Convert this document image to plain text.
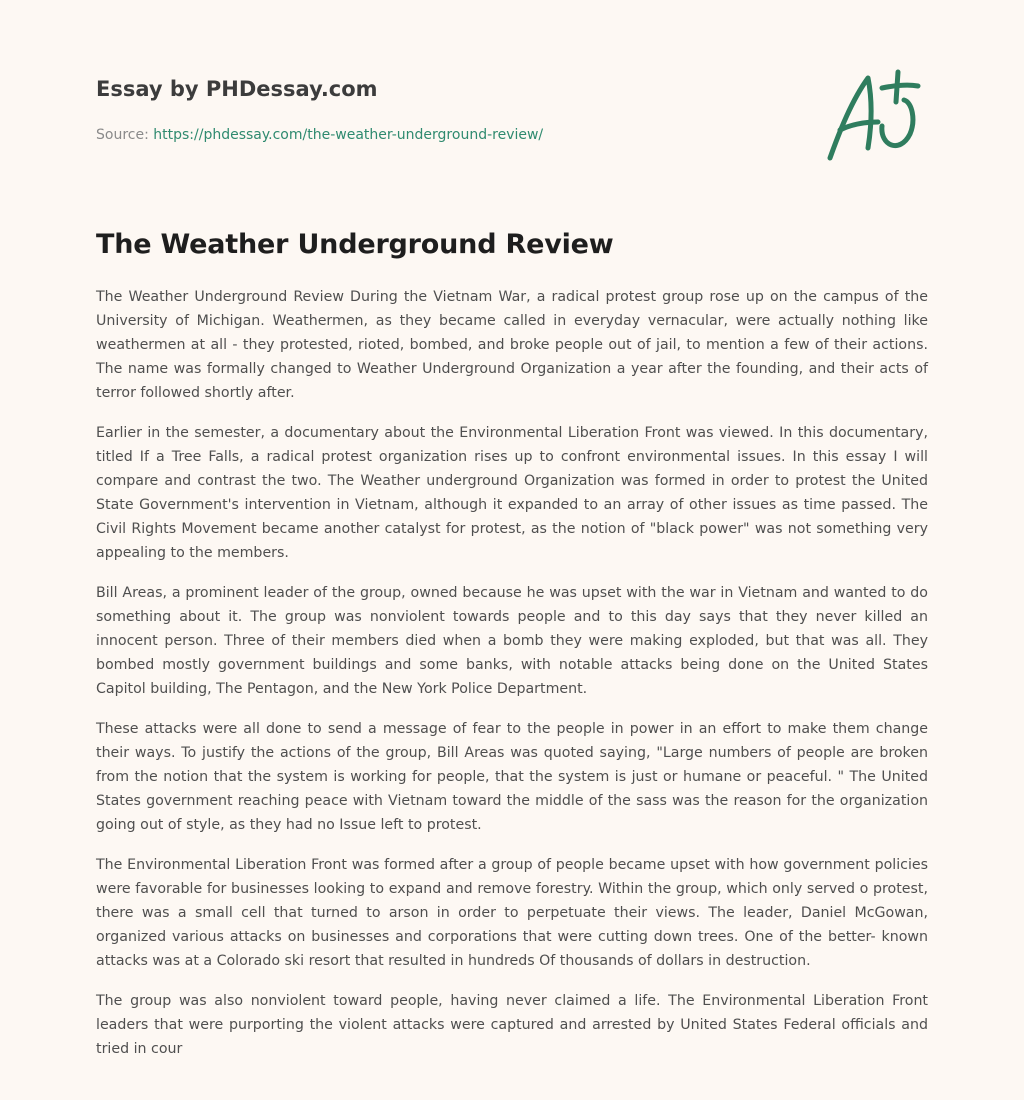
Essay by PHDessay.com
Source: https://phdessay.com/the-weather-underground-review/
The Weather Underground Review

The Weather Underground Review During the Vietnam War, a radical protest group rose up on the campus of the University of Michigan. Weathermen, as they became called in everyday vernacular, were actually nothing like weathermen at all - they protested, rioted, bombed, and broke people out of jail, to mention a few of their actions. The name was formally changed to Weather Underground Organization a year after the founding, and their acts of terror followed shortly after.

Earlier in the semester, a documentary about the Environmental Liberation Front was viewed. In this documentary, titled If a Tree Falls, a radical protest organization rises up to confront environmental issues. In this essay I will compare and contrast the two. The Weather underground Organization was formed in order to protest the United State Government's intervention in Vietnam, although it expanded to an array of other issues as time passed. The Civil Rights Movement became another catalyst for protest, as the notion of "black power" was not something very appealing to the members.

Bill Areas, a prominent leader of the group, owned because he was upset with the war in Vietnam and wanted to do something about it. The group was nonviolent towards people and to this day says that they never killed an innocent person. Three of their members died when a bomb they were making exploded, but that was all. They bombed mostly government buildings and some banks, with notable attacks being done on the United States Capitol building, The Pentagon, and the New York Police Department.

These attacks were all done to send a message of fear to the people in power in an effort to make them change their ways. To justify the actions of the group, Bill Areas was quoted saying, "Large numbers of people are broken from the notion that the system is working for people, that the system is just or humane or peaceful. " The United States government reaching peace with Vietnam toward the middle of the sass was the reason for the organization going out of style, as they had no Issue left to protest.

The Environmental Liberation Front was formed after a group of people became upset with how government policies were favorable for businesses looking to expand and remove forestry. Within the group, which only served o protest, there was a small cell that turned to arson in order to perpetuate their views. The leader, Daniel McGowan, organized various attacks on businesses and corporations that were cutting down trees. One of the better- known attacks was at a Colorado ski resort that resulted in hundreds Of thousands of dollars in destruction.

The group was also nonviolent toward people, having never claimed a life. The Environmental Liberation Front leaders that were purporting the violent attacks were captured and arrested by United States Federal officials and tried in cour
